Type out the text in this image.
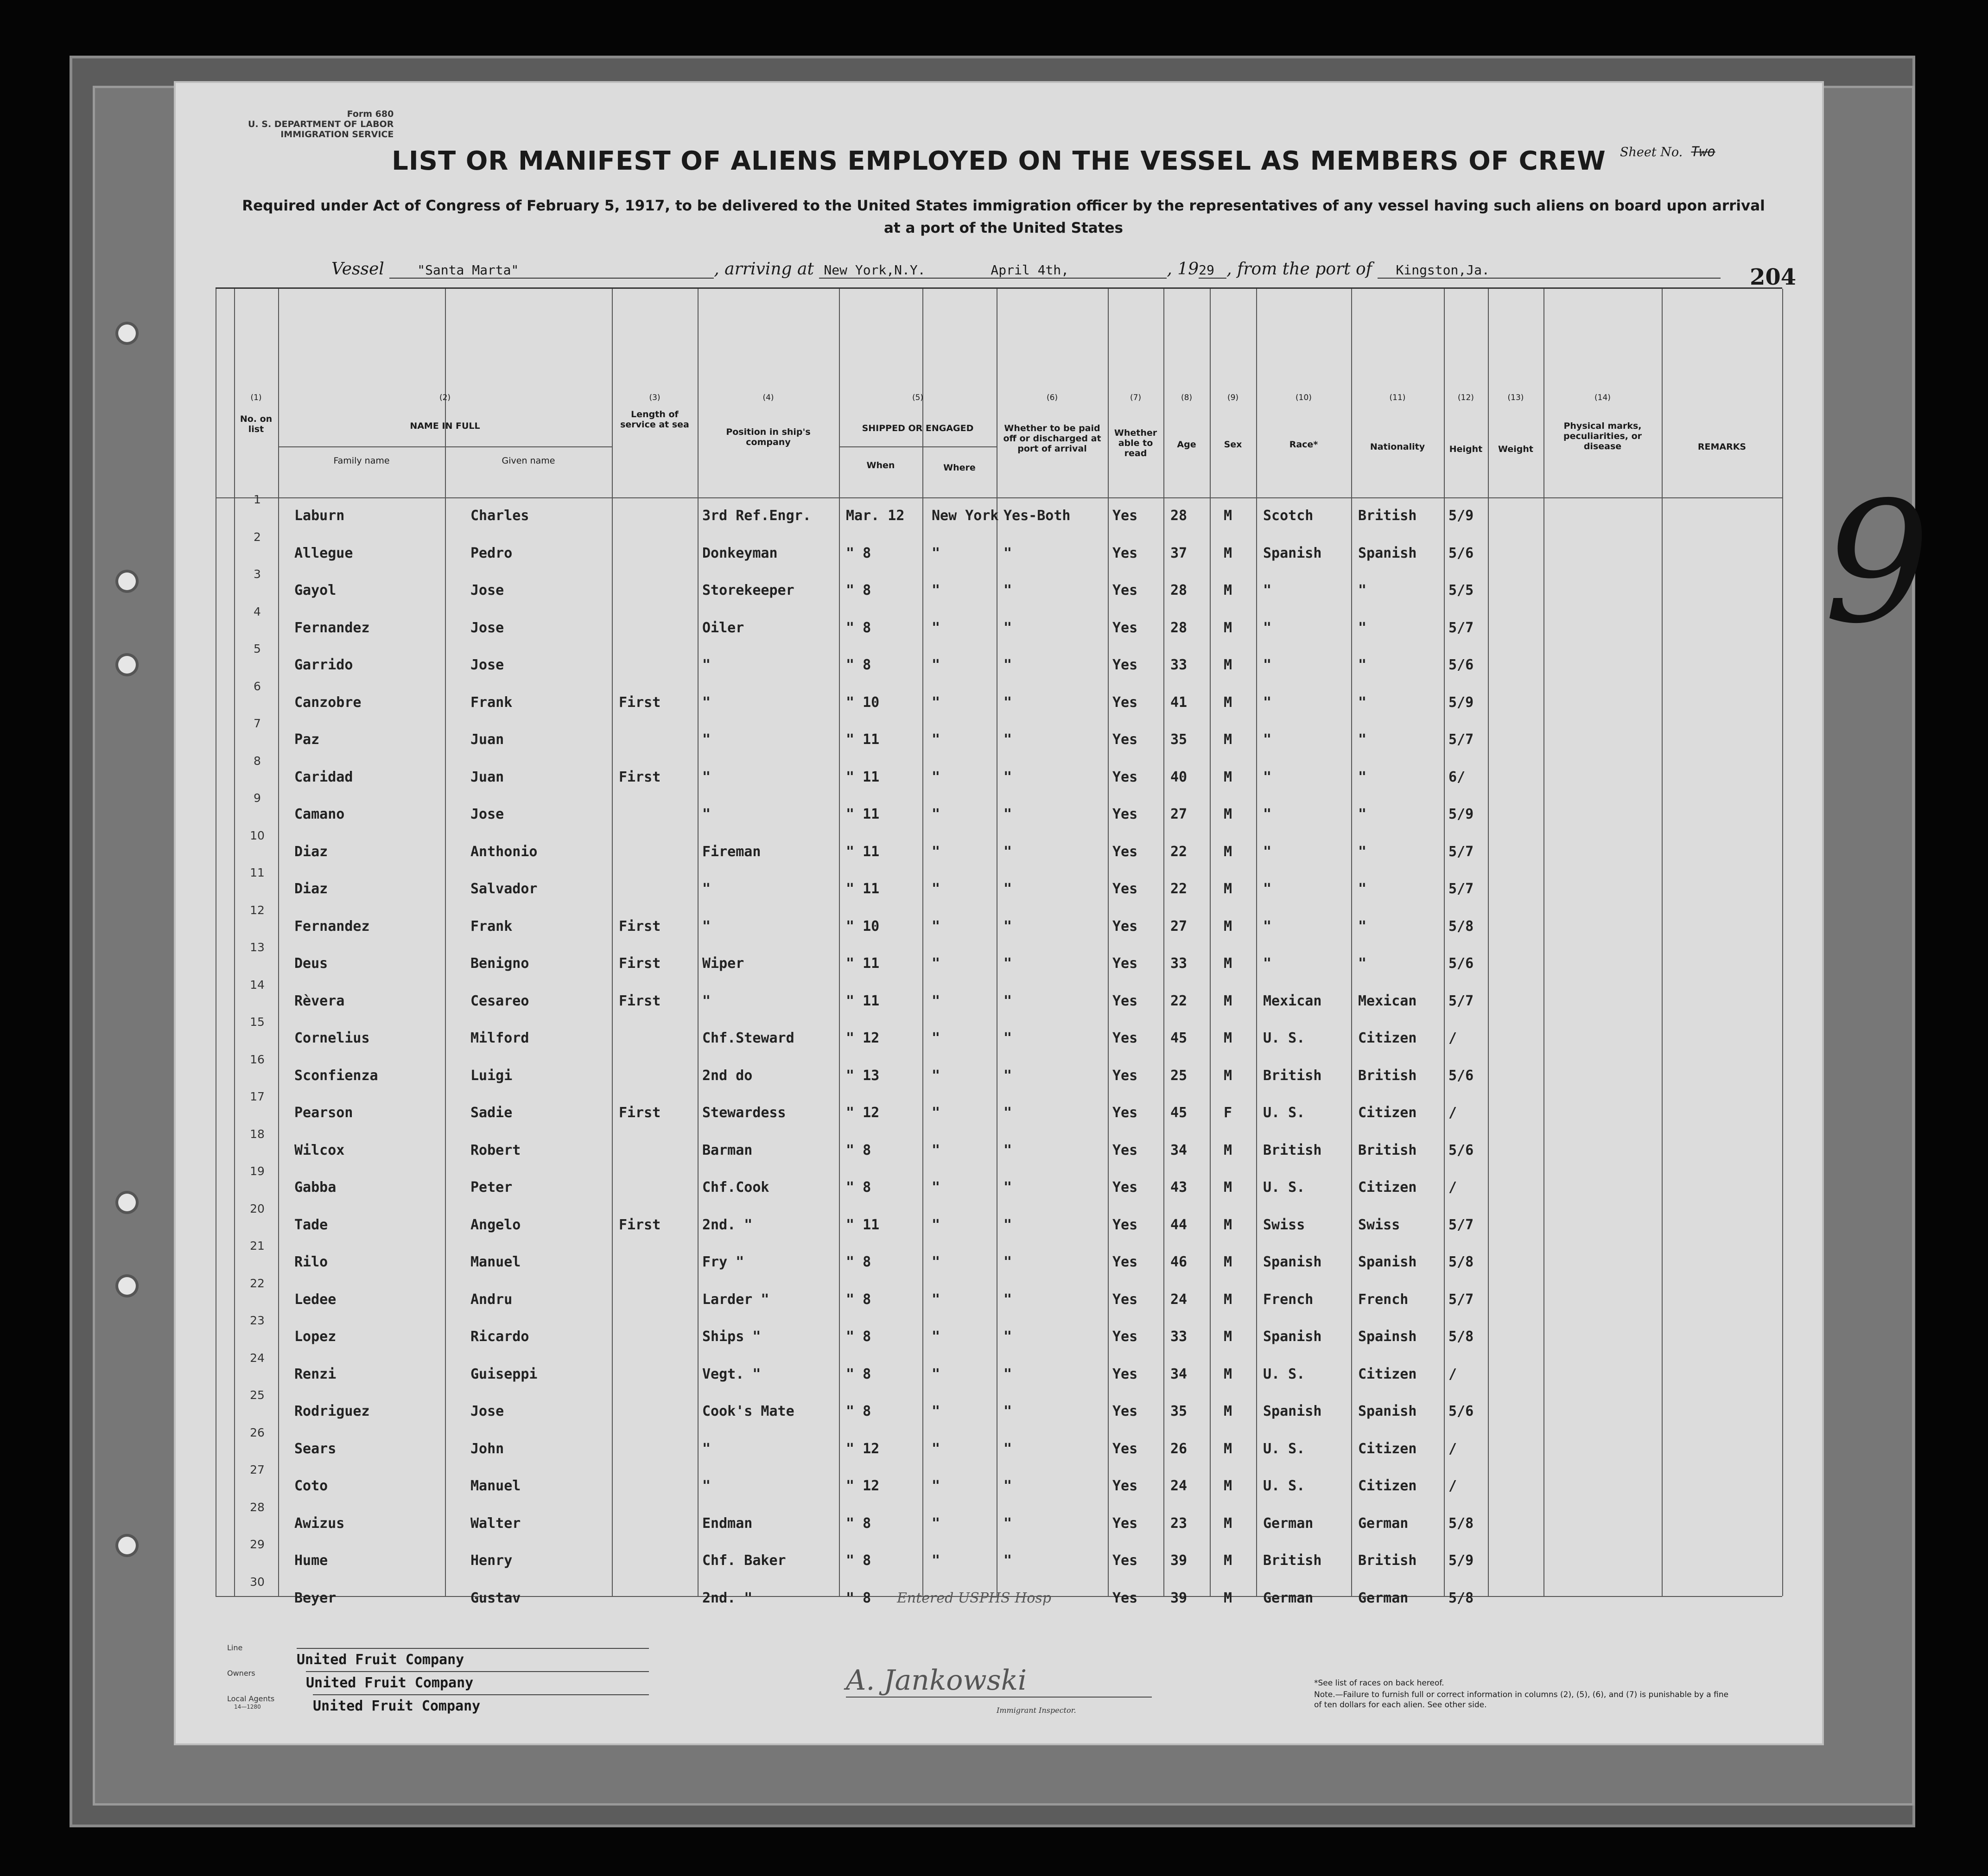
Form 680
U. S. DEPARTMENT OF LABOR
IMMIGRATION SERVICE
LIST OR MANIFEST OF ALIENS EMPLOYED ON THE VESSEL AS MEMBERS OF CREW	Sheet No. Two
Required under Act of Congress of February 5, 1917, to be delivered to the United States immigration officer by the representatives of any vessel having such aliens on board upon arrival at a port of the United States
Vessel	"Santa Marta"	, arriving at New York,N.Y.	April 4th,	, 1929 , from the port of Kingston,Ja.	204
(1)	(2)	(3)	(4)	(5)	(6)	(7)	(8)	(9)	(10)	(11)	(12)	(13)	(14)
No. on list	NAME IN FULL
Family name	Given name
Length of service at sea
Position in ship's company
SHIPPED OR ENGAGED
When	Where
Whether to be paid off or discharged at port of arrival
Whether able to read
Age	Sex	Race*	Nationality	Height	Weight
Physical marks, peculiarities, or disease	REMARKS
1
Laburn	Charles	3rd Ref.Engr.	Mar. 12 New York Yes-Both	Yes 28	M Scotch	British 5/9
2
Allegue	Pedro	Donkeyman	" 8	"	"	Yes 37	M Spanish	Spanish 5/6
3
Gayol	Jose	Storekeeper	" 8	"	"	Yes 28	M "	"	5/5
4
Fernandez	Jose	Oiler	" 8	"	"	Yes 28	M "	"	5/7
5
Garrido	Jose	"	" 8	"	"	Yes 33	M "	"	5/6
6
Canzobre	Frank	First	"	" 10	"	"	Yes 41	M "	"	5/9
7
Paz	Juan	"	" 11	"	"	Yes 35	M "	"	5/7
8
Caridad	Juan	First	"	" 11	"	"	Yes 40	M "	"	6/
9
Camano	Jose	"	" 11	"	"	Yes 27	M "	"	5/9
10
Diaz	Anthonio	Fireman	" 11	"	"	Yes 22	M "	"	5/7
11
Diaz	Salvador	"	" 11	"	"	Yes 22	M "	"	5/7
12
Fernandez	Frank	First	"	" 10	"	"	Yes 27	M "	"	5/8
13
Deus	Benigno	First	Wiper	" 11	"	"	Yes 33	M "	"	5/6
14
Rèvera	Cesareo	First	"	" 11	"	"	Yes 22	M Mexican	Mexican 5/7
15
Cornelius	Milford	Chf.Steward	" 12	"	"	Yes 45	M U. S.	Citizen /
16
Sconfienza	Luigi	2nd do	" 13	"	"	Yes 25	M British	British 5/6
17
Pearson	Sadie	First	Stewardess	" 12	"	"	Yes 45	F U. S.	Citizen /
18
Wilcox	Robert	Barman	" 8	"	"	Yes 34	M British	British 5/6
19
Gabba	Peter	Chf.Cook	" 8	"	"	Yes 43	M U. S.	Citizen /
20
Tade	Angelo	First	2nd. "	" 11	"	"	Yes 44	M Swiss	Swiss	5/7
21
Rilo	Manuel	Fry "	" 8	"	"	Yes 46	M Spanish	Spanish 5/8
22
Ledee	Andru	Larder "	" 8	"	"	Yes 24	M French	French	5/7
23
Lopez	Ricardo	Ships "	" 8	"	"	Yes 33	M Spanish	Spainsh 5/8
24
Renzi	Guiseppi	Vegt. "	" 8	"	"	Yes 34	M U. S.	Citizen /
25
Rodriguez	Jose	Cook's Mate	" 8	"	"	Yes 35	M Spanish	Spanish 5/6
26
Sears	John	"	" 12	"	"	Yes 26	M U. S.	Citizen /
27
Coto	Manuel	"	" 12	"	"	Yes 24	M U. S.	Citizen /
28
Awizus	Walter	Endman	" 8	"	"	Yes 23	M German	German	5/8
29
Hume	Henry	Chf. Baker	" 8	"	"	Yes 39	M British	British 5/9
30
Beyer	Gustav	2nd. "	" 8 Entered USPHS Hosp	Yes 39	M German	German	5/8
9
Line
United Fruit Company
Owners
United Fruit Company
Local Agents
14—1280	United Fruit Company
A. Jankowski
Immigrant Inspector.
*See list of races on back hereof.
Note.—Failure to furnish full or correct information in columns (2), (5), (6), and (7) is punishable by a fine of ten dollars for each alien. See other side.
